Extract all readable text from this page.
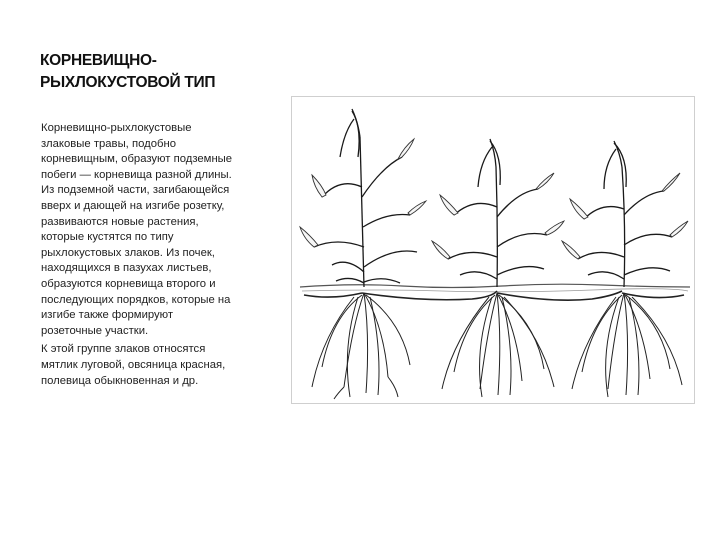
КОРНЕВИЩНО-
РЫХЛОКУСТОВОЙ ТИП
Корневищно-рыхлокустовые
злаковые травы, подобно
корневищным, образуют подземные
побеги — корневища разной длины.
Из подземной части, загибающейся
вверх и дающей на изгибе розетку,
развиваются новые растения,
которые кустятся по типу
рыхлокустовых злаков. Из почек,
находящихся в пазухах листьев,
образуются корневища второго и
последующих порядков, которые на
изгибе также формируют
розеточные участки.
К этой группе злаков относятся
мятлик луговой, овсяница красная,
полевица обыкновенная и др.
